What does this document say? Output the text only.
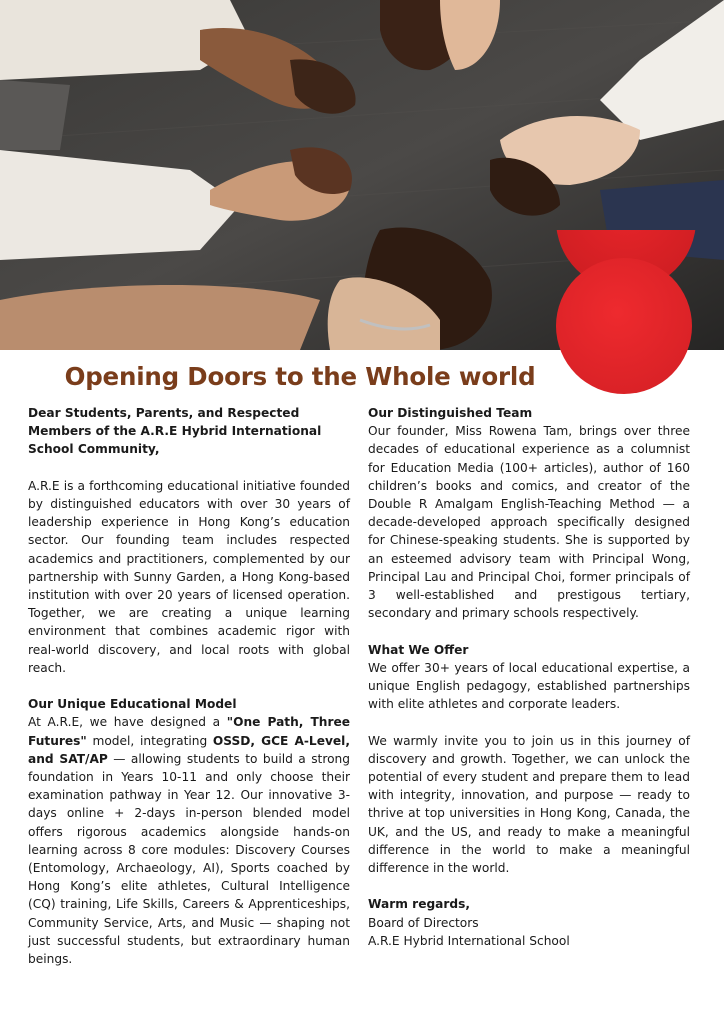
Opening Doors to the Whole world

Dear Students, Parents, and Respected Members of the A.R.E Hybrid International School Community,

A.R.E is a forthcoming educational initiative founded by distinguished educators with over 30 years of leadership experience in Hong Kong’s education sector. Our founding team includes respected academics and practitioners, complemented by our partnership with Sunny Garden, a Hong Kong-based institution with over 20 years of licensed operation. Together, we are creating a unique learning environment that combines academic rigor with real-world discovery, and local roots with global reach.

Our Unique Educational Model

At A.R.E, we have designed a "One Path, Three Futures" model, integrating OSSD, GCE A-Level, and SAT/AP — allowing students to build a strong foundation in Years 10-11 and only choose their examination pathway in Year 12. Our innovative 3-days online + 2-days in-person blended model offers rigorous academics alongside hands-on learning across 8 core modules: Discovery Courses (Entomology, Archaeology, AI), Sports coached by Hong Kong’s elite athletes, Cultural Intelligence (CQ) training, Life Skills, Careers & Apprenticeships, Community Service, Arts, and Music — shaping not just successful students, but extraordinary human beings.

Our Distinguished Team

Our founder, Miss Rowena Tam, brings over three decades of educational experience as a columnist for Education Media (100+ articles), author of 160 children’s books and comics, and creator of the Double R Amalgam English-Teaching Method — a decade-developed approach specifically designed for Chinese-speaking students. She is supported by an esteemed advisory team with Principal Wong, Principal Lau and Principal Choi, former principals of 3 well-established and prestigous tertiary, secondary and primary schools respectively.

What We Offer

We offer 30+ years of local educational expertise, a unique English pedagogy, established partnerships with elite athletes and corporate leaders.

We warmly invite you to join us in this journey of discovery and growth. Together, we can unlock the potential of every student and prepare them to lead with integrity, innovation, and purpose — ready to thrive at top universities in Hong Kong, Canada, the UK, and the US, and ready to make a meaningful difference in the world to make a meaningful difference in the world.

Warm regards,

Board of Directors

A.R.E Hybrid International School
